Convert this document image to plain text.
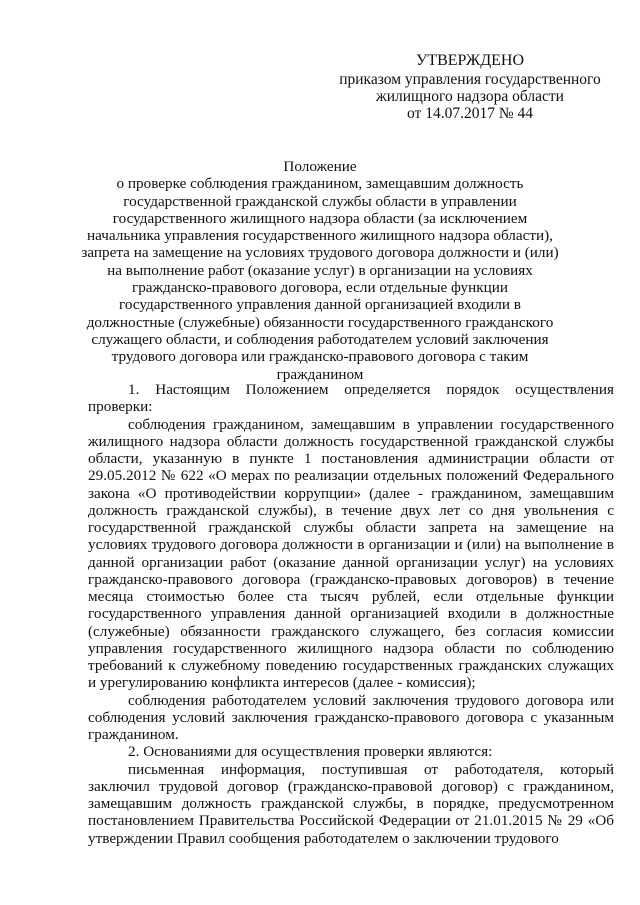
УТВЕРЖДЕНО
приказом управления государственного
жилищного надзора области
от 14.07.2017 № 44
Положение
о проверке соблюдения гражданином, замещавшим должность государственной гражданской службы области в управлении государственного жилищного надзора области (за исключением начальника управления государственного жилищного надзора области), запрета на замещение на условиях трудового договора должности и (или) на выполнение работ (оказание услуг) в организации на условиях гражданско-правового договора, если отдельные функции государственного управления данной организацией входили в должностные (служебные) обязанности государственного гражданского служащего области, и соблюдения работодателем условий заключения трудового договора или гражданско-правового договора с таким гражданином

1. Настоящим Положением определяется порядок осуществления проверки:

соблюдения гражданином, замещавшим в управлении государственного жилищного надзора области должность государственной гражданской службы области, указанную в пункте 1 постановления администрации области от 29.05.2012 № 622 «О мерах по реализации отдельных положений Федерального закона «О противодействии коррупции» (далее - гражданином, замещавшим должность гражданской службы), в течение двух лет со дня увольнения с государственной гражданской службы области запрета на замещение на условиях трудового договора должности в организации и (или) на выполнение в данной организации работ (оказание данной организации услуг) на условиях гражданско-правового договора (гражданско-правовых договоров) в течение месяца стоимостью более ста тысяч рублей, если отдельные функции государственного управления данной организацией входили в должностные (служебные) обязанности гражданского служащего, без согласия комиссии управления государственного жилищного надзора области по соблюдению требований к служебному поведению государственных гражданских служащих и урегулированию конфликта интересов (далее - комиссия);

соблюдения работодателем условий заключения трудового договора или соблюдения условий заключения гражданско-правового договора с указанным гражданином.

2. Основаниями для осуществления проверки являются:

письменная информация, поступившая от работодателя, который заключил трудовой договор (гражданско-правовой договор) с гражданином, замещавшим должность гражданской службы, в порядке, предусмотренном постановлением Правительства Российской Федерации от 21.01.2015 № 29 «Об утверждении Правил сообщения работодателем о заключении трудового
